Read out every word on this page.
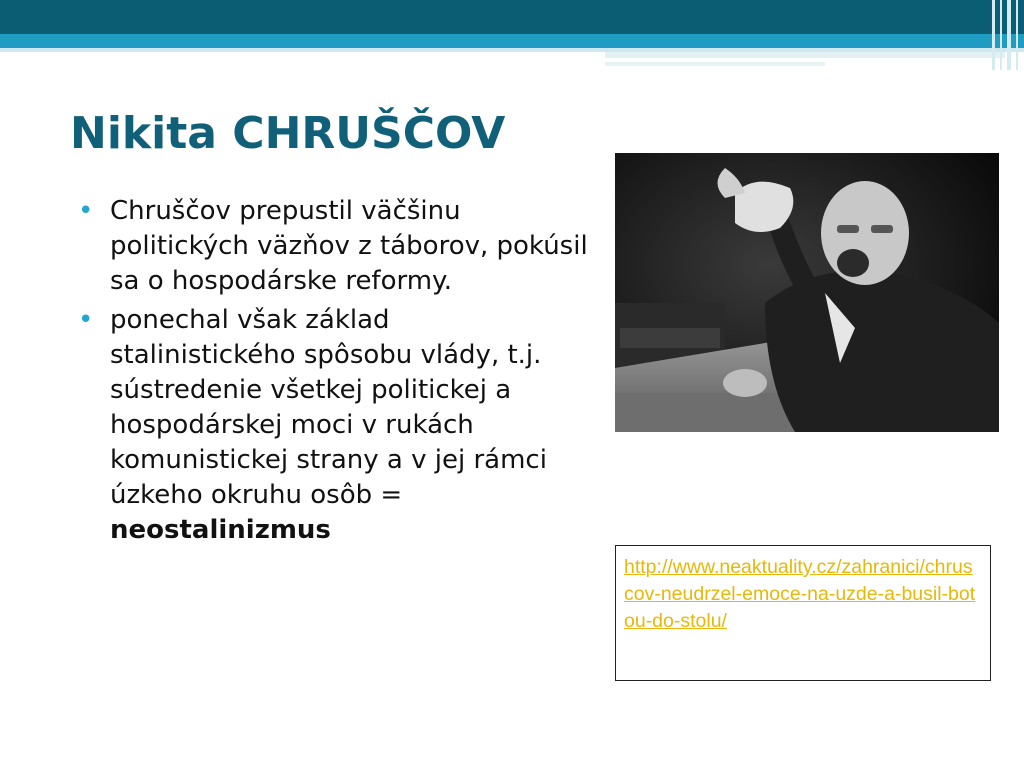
Nikita CHRUŠČOV
• Chruščov prepustil väčšinu politických väzňov z táborov, pokúsil sa o hospodárske reformy.
• ponechal však základ stalinistického spôsobu vlády, t.j. sústredenie všetkej politickej a hospodárskej moci v rukách komunistickej strany a v jej rámci úzkeho okruhu osôb = neostalinizmus
http://www.neaktuality.cz/zahranici/chruscov-neudrzel-emoce-na-uzde-a-busil-botou-do-stolu/
